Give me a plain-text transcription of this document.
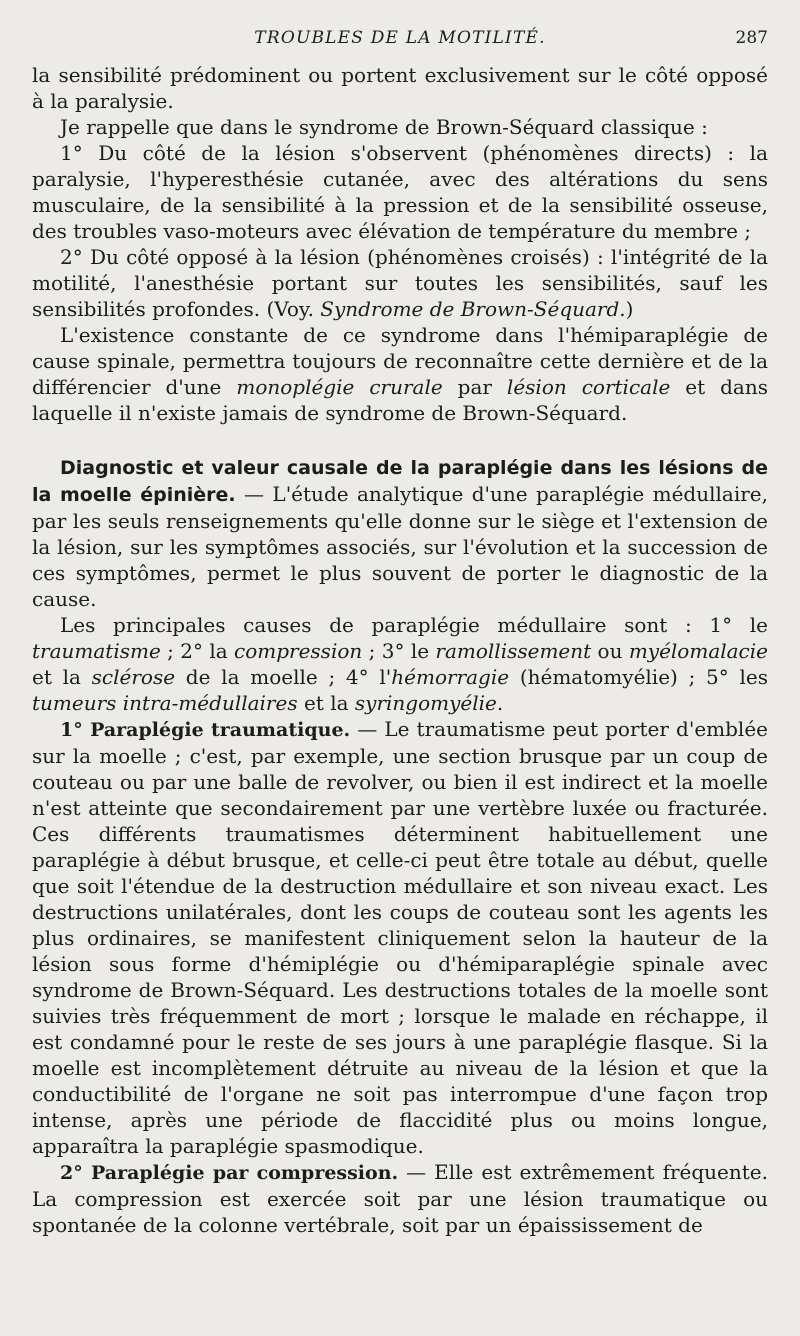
TROUBLES DE LA MOTILITÉ.	287

la sensibilité prédominent ou portent exclusivement sur le côté opposé à la paralysie.

Je rappelle que dans le syndrome de Brown-Séquard classique :

1° Du côté de la lésion s'observent (phénomènes directs) : la paralysie, l'hyperesthésie cutanée, avec des altérations du sens musculaire, de la sensibilité à la pression et de la sensibilité osseuse, des troubles vaso-moteurs avec élévation de température du membre ;

2° Du côté opposé à la lésion (phénomènes croisés) : l'intégrité de la motilité, l'anesthésie portant sur toutes les sensibilités, sauf les sensibilités profondes. (Voy. Syndrome de Brown-Séquard.)

L'existence constante de ce syndrome dans l'hémiparaplégie de cause spinale, permettra toujours de reconnaître cette dernière et de la différencier d'une monoplégie crurale par lésion corticale et dans laquelle il n'existe jamais de syndrome de Brown-Séquard.

Diagnostic et valeur causale de la paraplégie dans les lésions de la moelle épinière. — L'étude analytique d'une paraplégie médullaire, par les seuls renseignements qu'elle donne sur le siège et l'extension de la lésion, sur les symptômes associés, sur l'évolution et la succession de ces symptômes, permet le plus souvent de porter le diagnostic de la cause.

Les principales causes de paraplégie médullaire sont : 1° le traumatisme ; 2° la compression ; 3° le ramollissement ou myélomalacie et la sclérose de la moelle ; 4° l'hémorragie (hématomyélie) ; 5° les tumeurs intra-médullaires et la syringomyélie.

1° Paraplégie traumatique. — Le traumatisme peut porter d'emblée sur la moelle ; c'est, par exemple, une section brusque par un coup de couteau ou par une balle de revolver, ou bien il est indirect et la moelle n'est atteinte que secondairement par une vertèbre luxée ou fracturée. Ces différents traumatismes déterminent habituellement une paraplégie à début brusque, et celle-ci peut être totale au début, quelle que soit l'étendue de la destruction médullaire et son niveau exact. Les destructions unilatérales, dont les coups de couteau sont les agents les plus ordinaires, se manifestent cliniquement selon la hauteur de la lésion sous forme d'hémiplégie ou d'hémiparaplégie spinale avec syndrome de Brown-Séquard. Les destructions totales de la moelle sont suivies très fréquemment de mort ; lorsque le malade en réchappe, il est condamné pour le reste de ses jours à une paraplégie flasque. Si la moelle est incomplètement détruite au niveau de la lésion et que la conductibilité de l'organe ne soit pas interrompue d'une façon trop intense, après une période de flaccidité plus ou moins longue, apparaîtra la paraplégie spasmodique.

2° Paraplégie par compression. — Elle est extrêmement fréquente. La compression est exercée soit par une lésion traumatique ou spontanée de la colonne vertébrale, soit par un épaississement de
